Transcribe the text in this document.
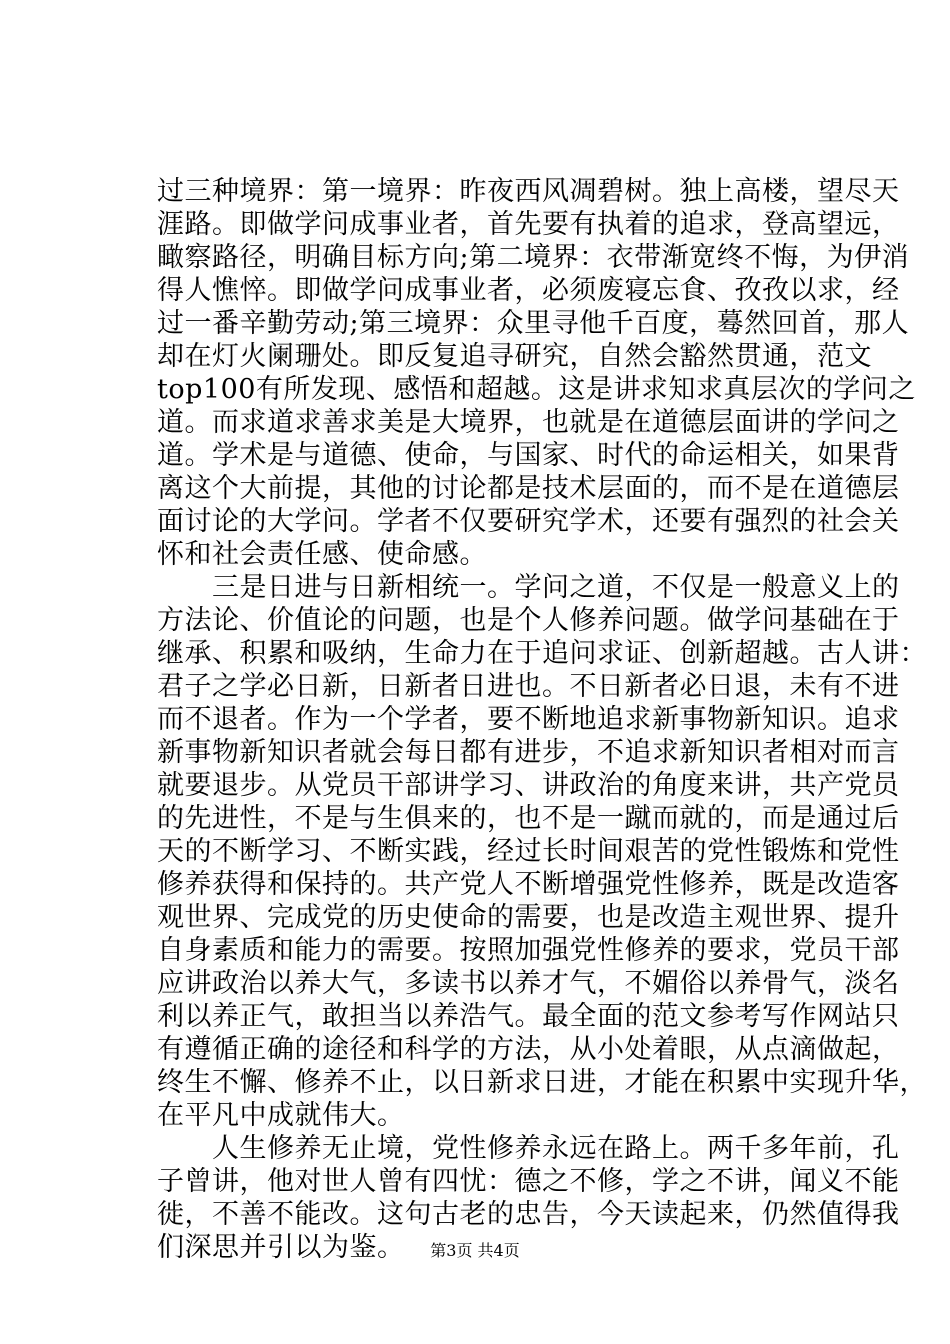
过三种境界：第一境界：昨夜西风凋碧树。独上高楼，望尽天
涯路。即做学问成事业者，首先要有执着的追求，登高望远，
瞰察路径，明确目标方向;第二境界：衣带渐宽终不悔，为伊消
得人憔悴。即做学问成事业者，必须废寝忘食、孜孜以求，经
过一番辛勤劳动;第三境界：众里寻他千百度，蓦然回首，那人
却在灯火阑珊处。即反复追寻研究，自然会豁然贯通，范文
top100有所发现、感悟和超越。这是讲求知求真层次的学问之
道。而求道求善求美是大境界，也就是在道德层面讲的学问之
道。学术是与道德、使命，与国家、时代的命运相关，如果背
离这个大前提，其他的讨论都是技术层面的，而不是在道德层
面讨论的大学问。学者不仅要研究学术，还要有强烈的社会关
怀和社会责任感、使命感。
　　三是日进与日新相统一。学问之道，不仅是一般意义上的
方法论、价值论的问题，也是个人修养问题。做学问基础在于
继承、积累和吸纳，生命力在于追问求证、创新超越。古人讲：
君子之学必日新，日新者日进也。不日新者必日退，未有不进
而不退者。作为一个学者，要不断地追求新事物新知识。追求
新事物新知识者就会每日都有进步，不追求新知识者相对而言
就要退步。从党员干部讲学习、讲政治的角度来讲，共产党员
的先进性，不是与生俱来的，也不是一蹴而就的，而是通过后
天的不断学习、不断实践，经过长时间艰苦的党性锻炼和党性
修养获得和保持的。共产党人不断增强党性修养，既是改造客
观世界、完成党的历史使命的需要，也是改造主观世界、提升
自身素质和能力的需要。按照加强党性修养的要求，党员干部
应讲政治以养大气，多读书以养才气，不媚俗以养骨气，淡名
利以养正气，敢担当以养浩气。最全面的范文参考写作网站只
有遵循正确的途径和科学的方法，从小处着眼，从点滴做起，
终生不懈、修养不止，以日新求日进，才能在积累中实现升华，
在平凡中成就伟大。
　　人生修养无止境，党性修养永远在路上。两千多年前，孔
子曾讲，他对世人曾有四忧：德之不修，学之不讲，闻义不能
徙，不善不能改。这句古老的忠告，今天读起来，仍然值得我
们深思并引以为鉴。	第3页 共4页
